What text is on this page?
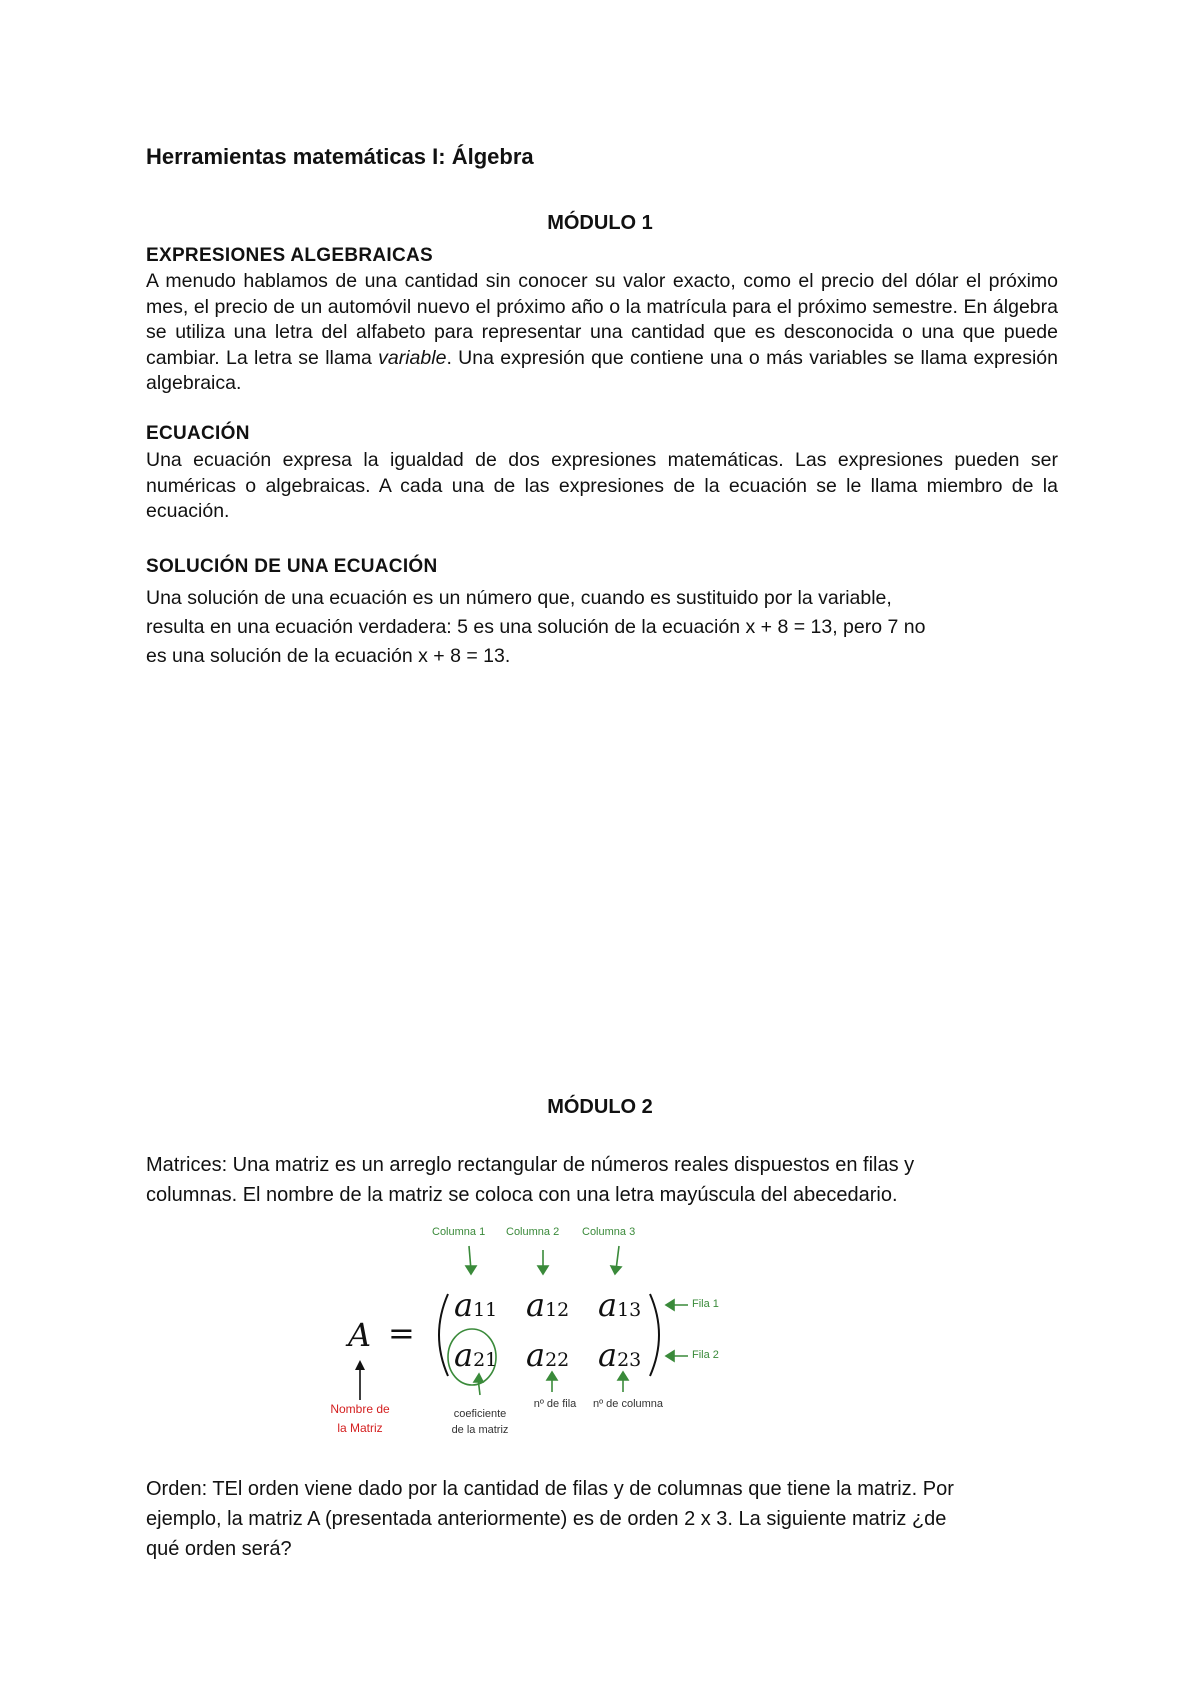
Herramientas matemáticas I: Álgebra
MÓDULO 1
EXPRESIONES ALGEBRAICAS
A menudo hablamos de una cantidad sin conocer su valor exacto, como el precio del dólar el próximo mes, el precio de un automóvil nuevo el próximo año o la matrícula para el próximo semestre. En álgebra se utiliza una letra del alfabeto para representar una cantidad que es desconocida o una que puede cambiar. La letra se llama variable. Una expresión que contiene una o más variables se llama expresión algebraica.
ECUACIÓN
Una ecuación expresa la igualdad de dos expresiones matemáticas. Las expresiones pueden ser numéricas o algebraicas. A cada una de las expresiones de la ecuación se le llama miembro de la ecuación.
SOLUCIÓN DE UNA ECUACIÓN
Una solución de una ecuación es un número que, cuando es sustituido por la variable,
resulta en una ecuación verdadera: 5 es una solución de la ecuación x + 8 = 13, pero 7 no
es una solución de la ecuación x + 8 = 13.
MÓDULO 2
Matrices: Una matriz es un arreglo rectangular de números reales dispuestos en filas y
columnas. El nombre de la matriz se coloca con una letra mayúscula del abecedario.
Columna 1 Columna 2 Columna 3
Fila 1
Fila 2
A =
a11 a12 a13
a21 a22 a23
Nombre de
la Matriz
coeficiente
de la matriz
nº de fila	nº de columna
Orden: TEl orden viene dado por la cantidad de filas y de columnas que tiene la matriz. Por
ejemplo, la matriz A (presentada anteriormente) es de orden 2 x 3. La siguiente matriz ¿de
qué orden será?
